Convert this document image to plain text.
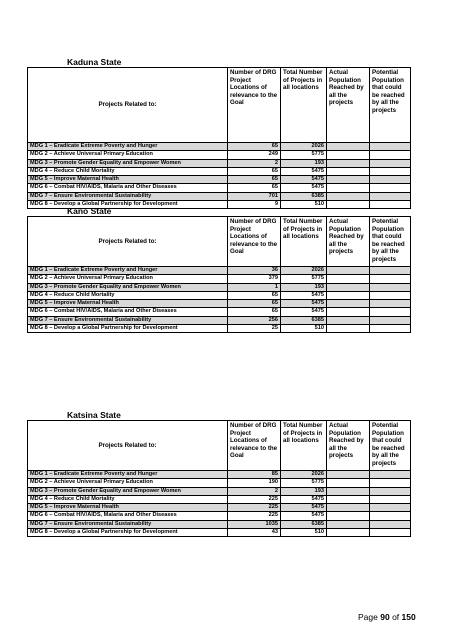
Kaduna State
Projects Related to:	Number of DRG Project Locations of relevance to the Goal	Total Number of Projects in all locations	Actual Population Reached by all the projects	Potential Population that could be reached by all the projects
MDG 1 – Eradicate Extreme Poverty and Hunger	65	2026		
MDG 2 – Achieve Universal Primary Education	249	5775		
MDG 3 – Promote Gender Equality and Empower Women	2	193		
MDG 4 – Reduce Child Mortality	65	5475		
MDG 5 – Improve Maternal Health	65	5475		
MDG 6 – Combat HIV/AIDS, Malaria and Other Diseases	65	5475		
MDG 7 – Ensure Environmental Sustainability	701	6385		
MDG 8 – Develop a Global Partnership for Development	9	510		
Kano State
Projects Related to:	Number of DRG Project Locations of relevance to the Goal	Total Number of Projects in all locations	Actual Population Reached by all the projects	Potential Population that could be reached by all the projects
MDG 1 – Eradicate Extreme Poverty and Hunger	36	2026		
MDG 2 – Achieve Universal Primary Education	379	5775		
MDG 3 – Promote Gender Equality and Empower Women	1	193		
MDG 4 – Reduce Child Mortality	65	5475		
MDG 5 – Improve Maternal Health	65	5475		
MDG 6 – Combat HIV/AIDS, Malaria and Other Diseases	65	5475		
MDG 7 – Ensure Environmental Sustainability	256	6385		
MDG 8 – Develop a Global Partnership for Development	25	510		
Katsina State
Projects Related to:	Number of DRG Project Locations of relevance to the Goal	Total Number of Projects in all locations	Actual Population Reached by all the projects	Potential Population that could be reached by all the projects
MDG 1 – Eradicate Extreme Poverty and Hunger	85	2026		
MDG 2 – Achieve Universal Primary Education	190	5775		
MDG 3 – Promote Gender Equality and Empower Women	2	193		
MDG 4 – Reduce Child Mortality	225	5475		
MDG 5 – Improve Maternal Health	225	5475		
MDG 6 – Combat HIV/AIDS, Malaria and Other Diseases	225	5475		
MDG 7 – Ensure Environmental Sustainability	1035	6385		
MDG 8 – Develop a Global Partnership for Development	43	510		
Page 90 of 150
